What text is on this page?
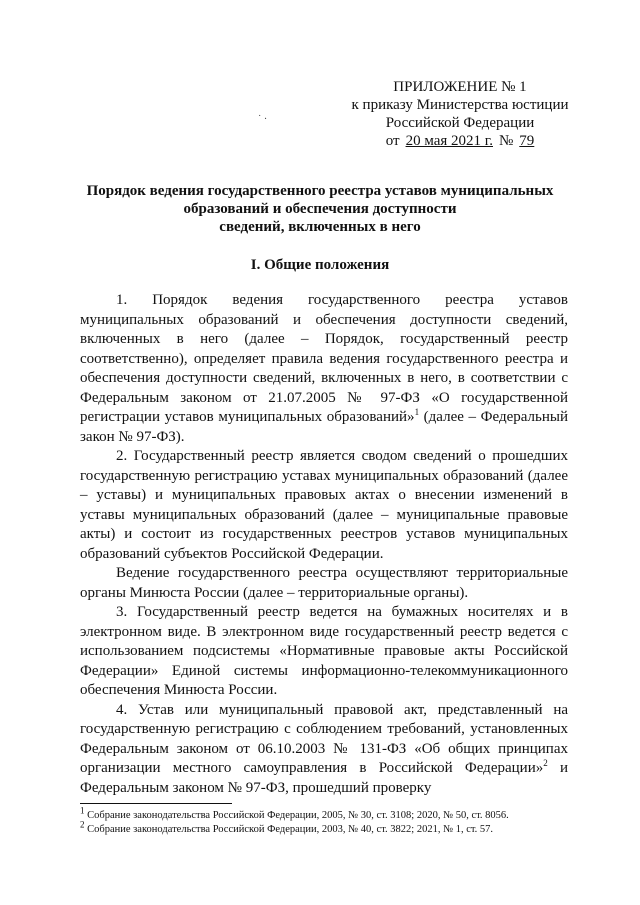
˙ ·
ПРИЛОЖЕНИЕ № 1
к приказу Министерства юстиции
Российской Федерации
от 20 мая 2021 г. № 79
Порядок ведения государственного реестра уставов муниципальных
образований и обеспечения доступности
сведений, включенных в него
I. Общие положения

1. Порядок ведения государственного реестра уставов муниципальных образований и обеспечения доступности сведений, включенных в него (далее – Порядок, государственный реестр соответственно), определяет правила ведения государственного реестра и обеспечения доступности сведений, включенных в него, в соответствии с Федеральным законом от 21.07.2005 № 97-ФЗ «О государственной регистрации уставов муниципальных образований»$^1$ (далее – Федеральный закон № 97-ФЗ).

2. Государственный реестр является сводом сведений о прошедших государственную регистрацию уставах муниципальных образований (далее – уставы) и муниципальных правовых актах о внесении изменений в уставы муниципальных образований (далее – муниципальные правовые акты) и состоит из государственных реестров уставов муниципальных образований субъектов Российской Федерации.

Ведение государственного реестра осуществляют территориальные органы Минюста России (далее – территориальные органы).

3. Государственный реестр ведется на бумажных носителях и в электронном виде. В электронном виде государственный реестр ведется с использованием подсистемы «Нормативные правовые акты Российской Федерации» Единой системы информационно-телекоммуникационного обеспечения Минюста России.

4. Устав или муниципальный правовой акт, представленный на государственную регистрацию с соблюдением требований, установленных Федеральным законом от 06.10.2003 № 131-ФЗ «Об общих принципах организации местного самоуправления в Российской Федерации»$^2$ и Федеральным законом № 97-ФЗ, прошедший проверку

$^1$ Собрание законодательства Российской Федерации, 2005, № 30, ст. 3108; 2020, № 50, ст. 8056.
$^2$ Собрание законодательства Российской Федерации, 2003, № 40, ст. 3822; 2021, № 1, ст. 57.
